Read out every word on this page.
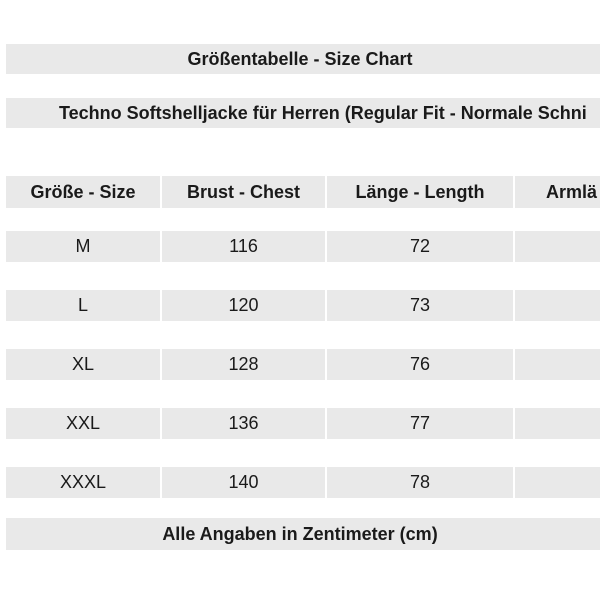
Größentabelle - Size Chart
Techno Softshelljacke für Herren (Regular Fit - Normale Schni
Größe - Size	Brust - Chest	Länge - Length	Armlä
M	116	72
L	120	73
XL	128	76
XXL	136	77
XXXL	140	78
Alle Angaben in Zentimeter (cm)
